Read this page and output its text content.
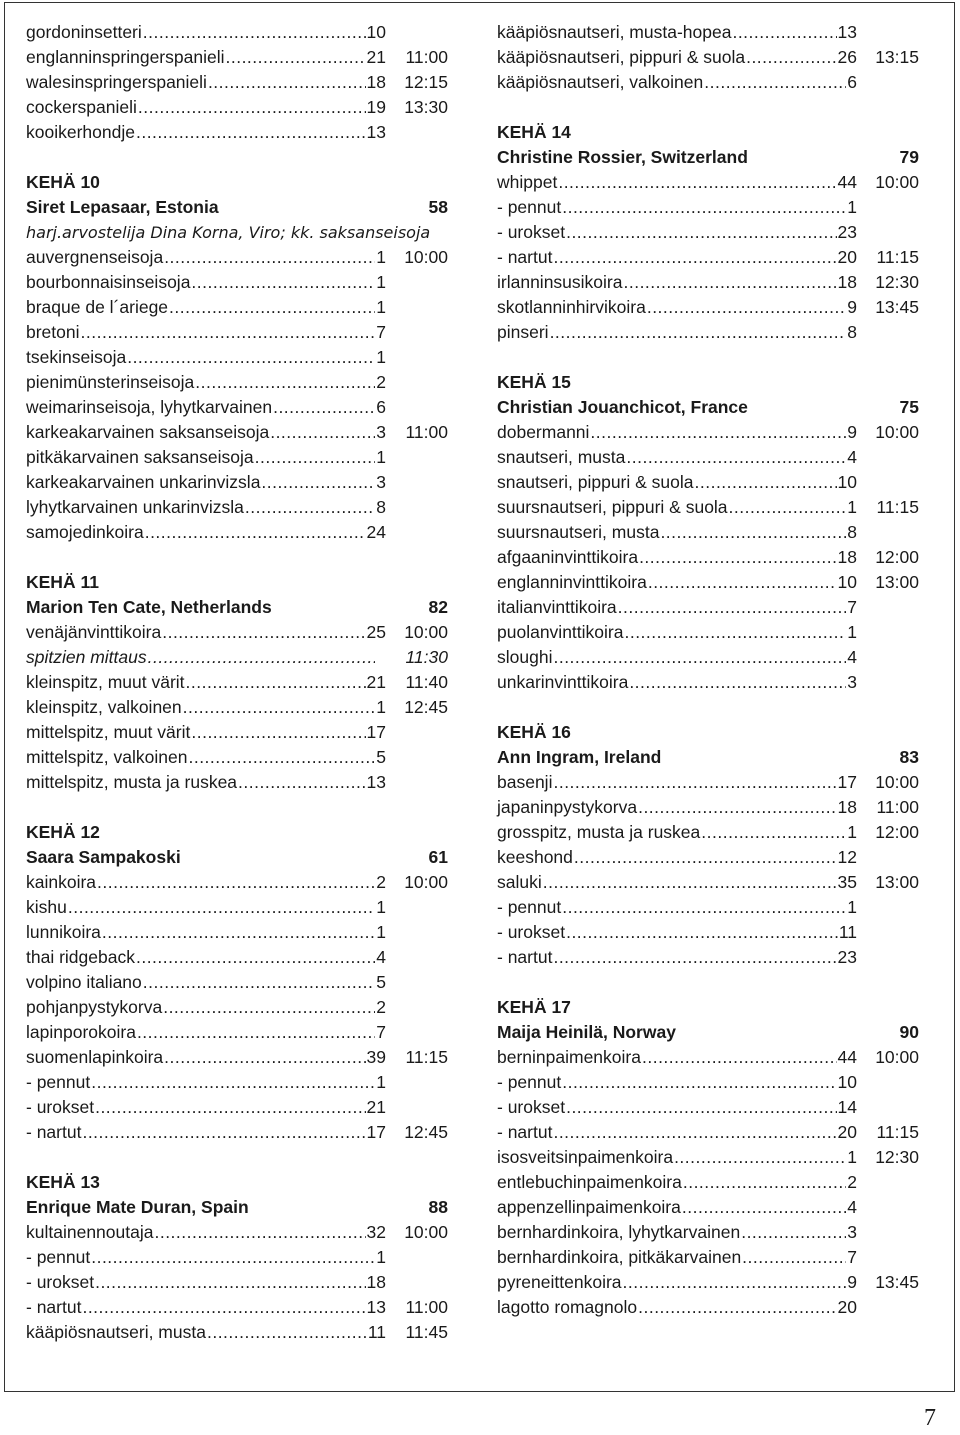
gordoninsetteri .....	10
englanninspringerspanieli .....	21	11:00
walesinspringerspanieli .....	18	12:15
cockerspanieli .....	19	13:30
kooikerhondje .....	13
KEHÄ 10
Siret Lepasaar, Estonia	58
harj.arvostelija Dina Korna, Viro; kk. saksanseisoja
auvergnenseisoja .....	1	10:00
bourbonnaisinseisoja .....	1
braque de l´ariege .....	1
bretoni .....	7
tsekinseisoja .....	1
pienimünsterinseisoja .....	2
weimarinseisoja, lyhytkarvainen .....	6
karkeakarvainen saksanseisoja .....	3	11:00
pitkäkarvainen saksanseisoja .....	1
karkeakarvainen unkarinvizsla .....	3
lyhytkarvainen unkarinvizsla .....	8
samojedinkoira .....	24
KEHÄ 11
Marion Ten Cate, Netherlands	82
venäjänvinttikoira .....	25	10:00
spitzien mittaus .....	11:30
kleinspitz, muut värit .....	21	11:40
kleinspitz, valkoinen .....	1	12:45
mittelspitz, muut värit .....	17
mittelspitz, valkoinen .....	5
mittelspitz, musta ja ruskea .....	13
KEHÄ 12
Saara Sampakoski	61
kainkoira .....	2	10:00
kishu .....	1
lunnikoira .....	1
thai ridgeback .....	4
volpino italiano .....	5
pohjanpystykorva .....	2
lapinporokoira .....	7
suomenlapinkoira .....	39	11:15
- pennut .....	1
- urokset .....	21
- nartut .....	17	12:45
KEHÄ 13
Enrique Mate Duran, Spain	88
kultainennoutaja .....	32	10:00
- pennut .....	1
- urokset .....	18
- nartut .....	13	11:00
kääpiösnautseri, musta .....	11	11:45
kääpiösnautseri, musta-hopea .....	13
kääpiösnautseri, pippuri & suola .....	26	13:15
kääpiösnautseri, valkoinen .....	6
KEHÄ 14
Christine Rossier, Switzerland	79
whippet .....	44	10:00
- pennut .....	1
- urokset .....	23
- nartut .....	20	11:15
irlanninsusikoira .....	18	12:30
skotlanninhirvikoira .....	9	13:45
pinseri .....	8
KEHÄ 15
Christian Jouanchicot, France	75
dobermanni .....	9	10:00
snautseri, musta .....	4
snautseri, pippuri & suola .....	10
suursnautseri, pippuri & suola .....	1	11:15
suursnautseri, musta .....	8
afgaaninvinttikoira .....	18	12:00
englanninvinttikoira .....	10	13:00
italianvinttikoira .....	7
puolanvinttikoira .....	1
sloughi .....	4
unkarinvinttikoira .....	3
KEHÄ 16
Ann Ingram, Ireland	83
basenji .....	17	10:00
japaninpystykorva .....	18	11:00
grosspitz, musta ja ruskea .....	1	12:00
keeshond .....	12
saluki .....	35	13:00
- pennut .....	1
- urokset .....	11
- nartut .....	23
KEHÄ 17
Maija Heinilä, Norway	90
berninpaimenkoira .....	44	10:00
- pennut .....	10
- urokset .....	14
- nartut .....	20	11:15
isosveitsinpaimenkoira .....	1	12:30
entlebuchinpaimenkoira .....	2
appenzellinpaimenkoira .....	4
bernhardinkoira, lyhytkarvainen .....	3
bernhardinkoira, pitkäkarvainen .....	7
pyreneittenkoira .....	9	13:45
lagotto romagnolo .....	20
7
